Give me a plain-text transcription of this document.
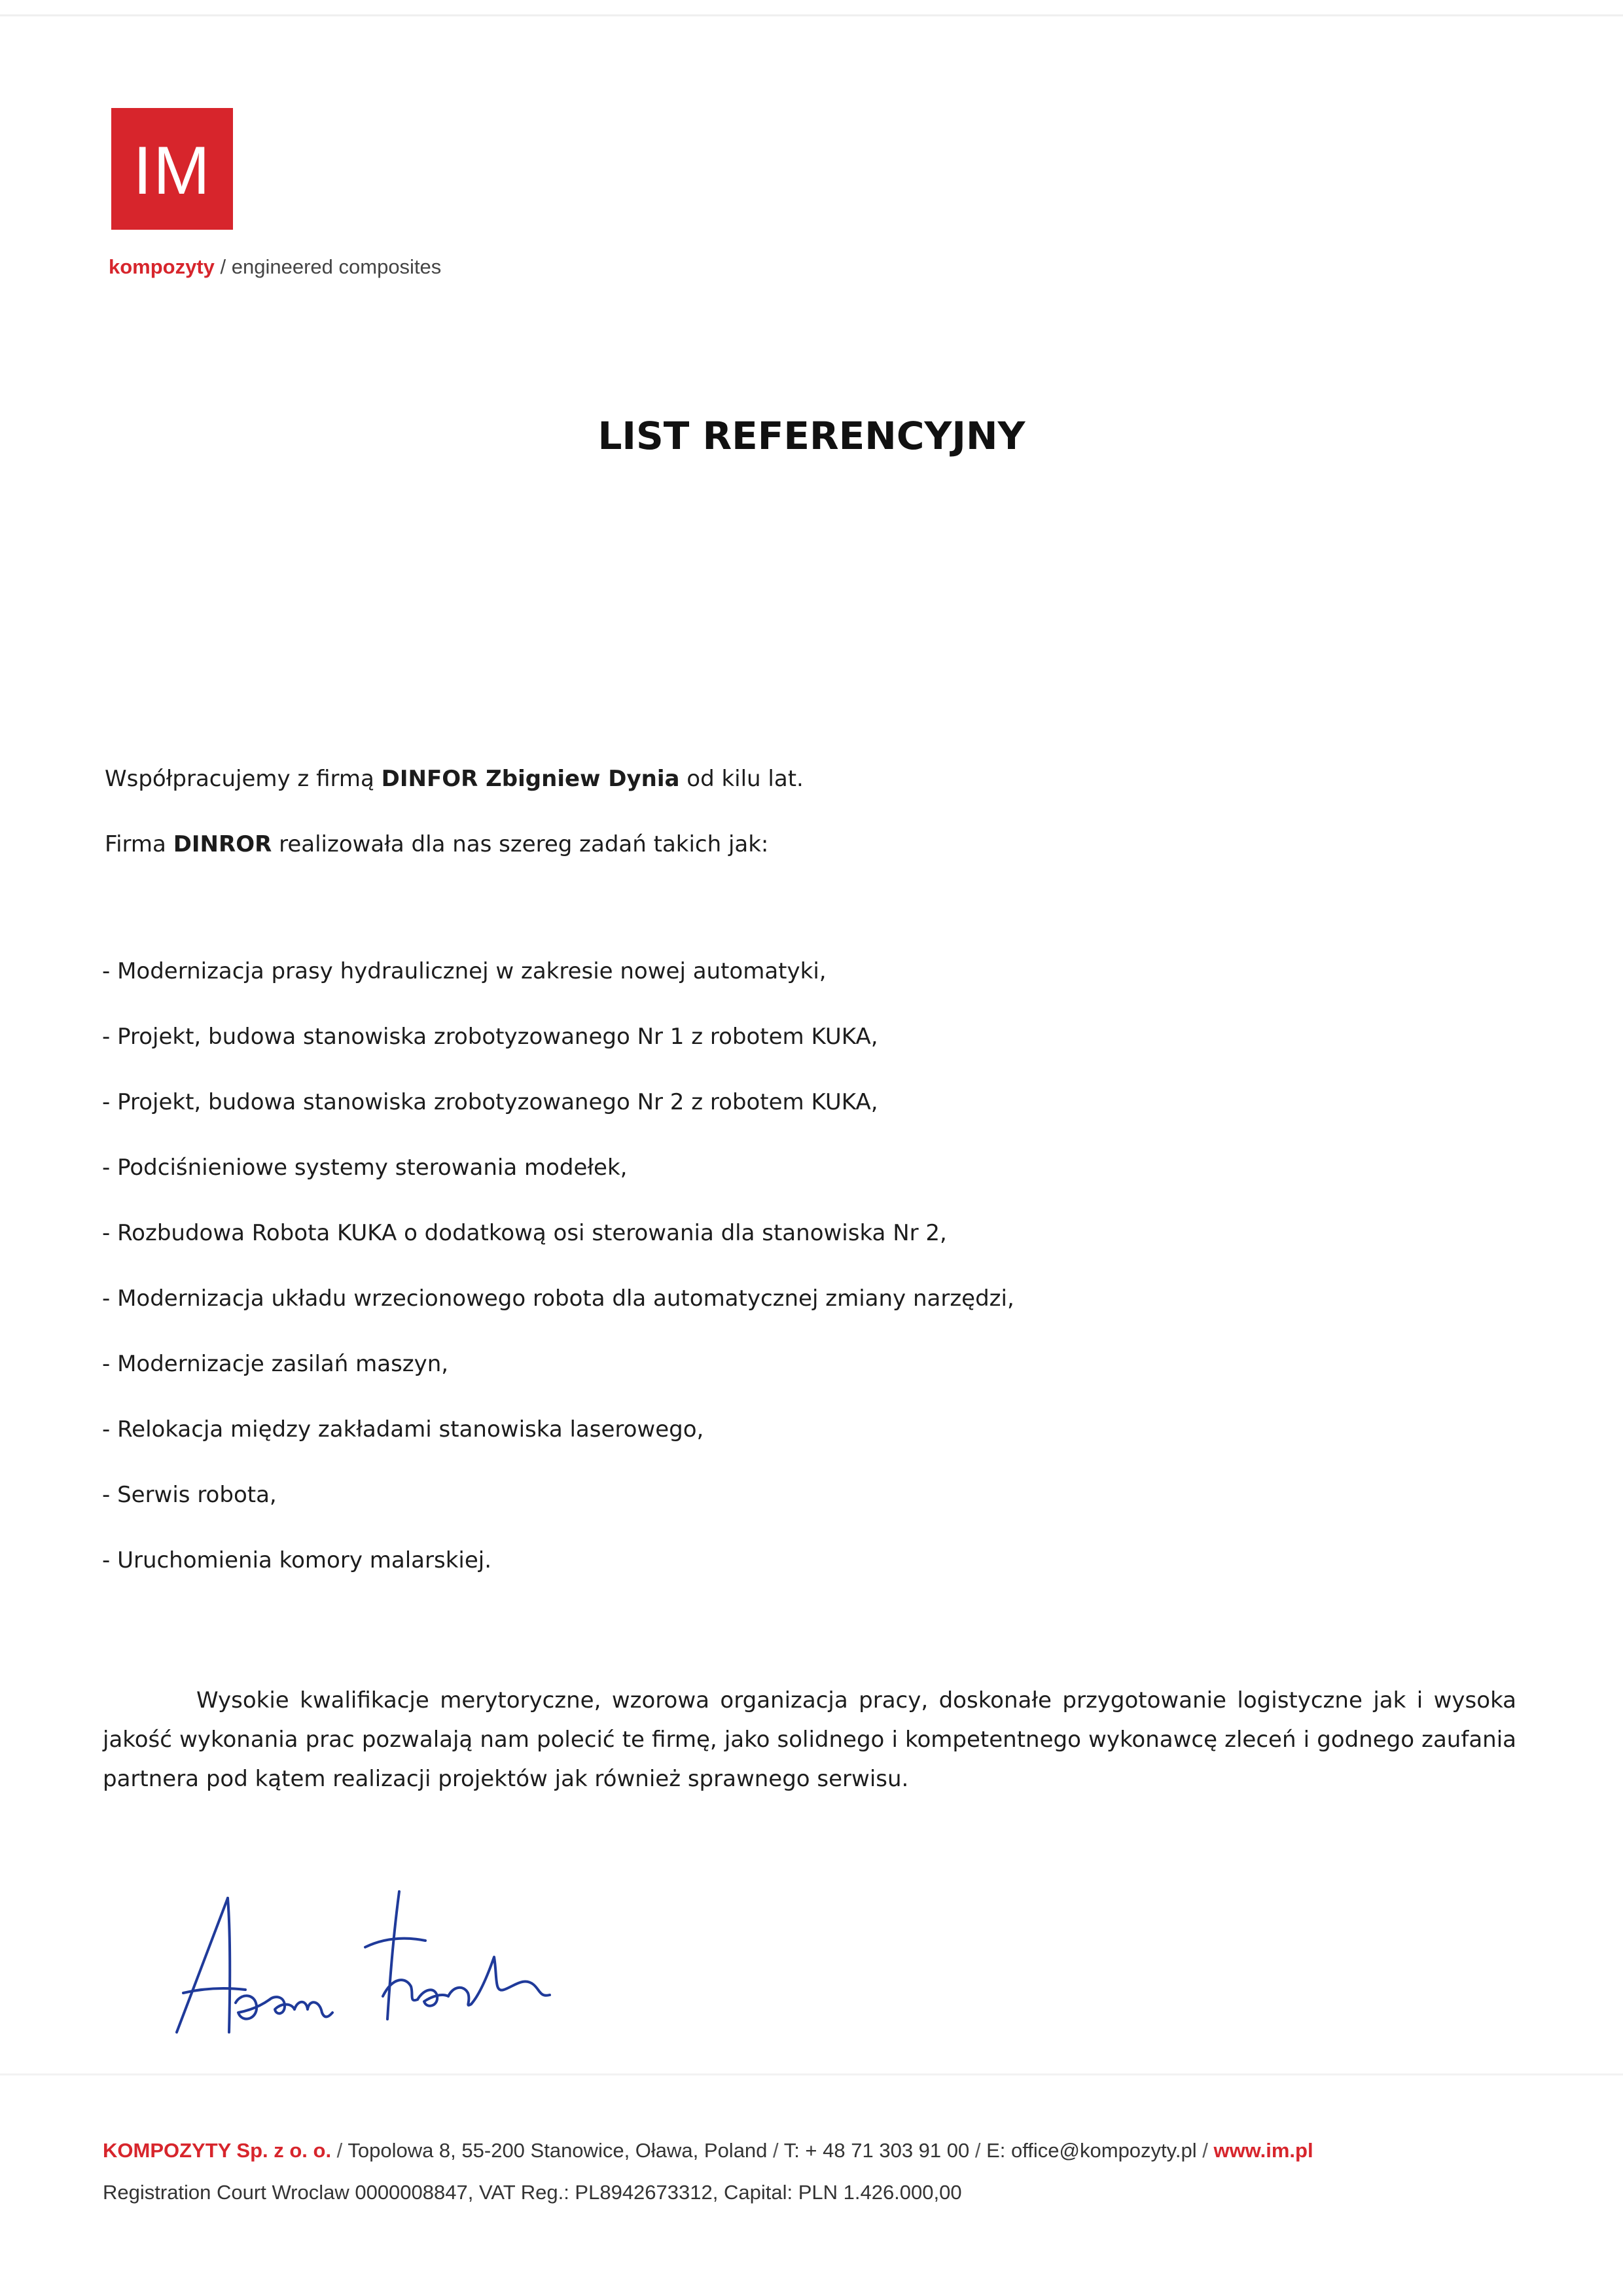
IM
kompozyty / engineered composites
LIST REFERENCYJNY
Współpracujemy z firmą DINFOR Zbigniew Dynia od kilu lat.
Firma DINROR realizowała dla nas szereg zadań takich jak:
- Modernizacja prasy hydraulicznej w zakresie nowej automatyki,
- Projekt, budowa stanowiska zrobotyzowanego Nr 1 z robotem KUKA,
- Projekt, budowa stanowiska zrobotyzowanego Nr 2 z robotem KUKA,
- Podciśnieniowe systemy sterowania modełek,
- Rozbudowa Robota KUKA o dodatkową osi sterowania dla stanowiska Nr 2,
- Modernizacja układu wrzecionowego robota dla automatycznej zmiany narzędzi,
- Modernizacje zasilań maszyn,
- Relokacja między zakładami stanowiska laserowego,
- Serwis robota,
- Uruchomienia komory malarskiej.
Wysokie kwalifikacje merytoryczne, wzorowa organizacja pracy, doskonałe przygotowanie logistyczne jak i wysoka
jakość wykonania prac pozwalają nam polecić te firmę, jako solidnego i kompetentnego wykonawcę zleceń i godnego zaufania
partnera pod kątem realizacji projektów jak również sprawnego serwisu.
KOMPOZYTY Sp. z o. o. / Topolowa 8, 55-200 Stanowice, Oława, Poland / T: + 48 71 303 91 00 / E: office@kompozyty.pl / www.im.pl
Registration Court Wroclaw 0000008847, VAT Reg.: PL8942673312, Capital: PLN 1.426.000,00
